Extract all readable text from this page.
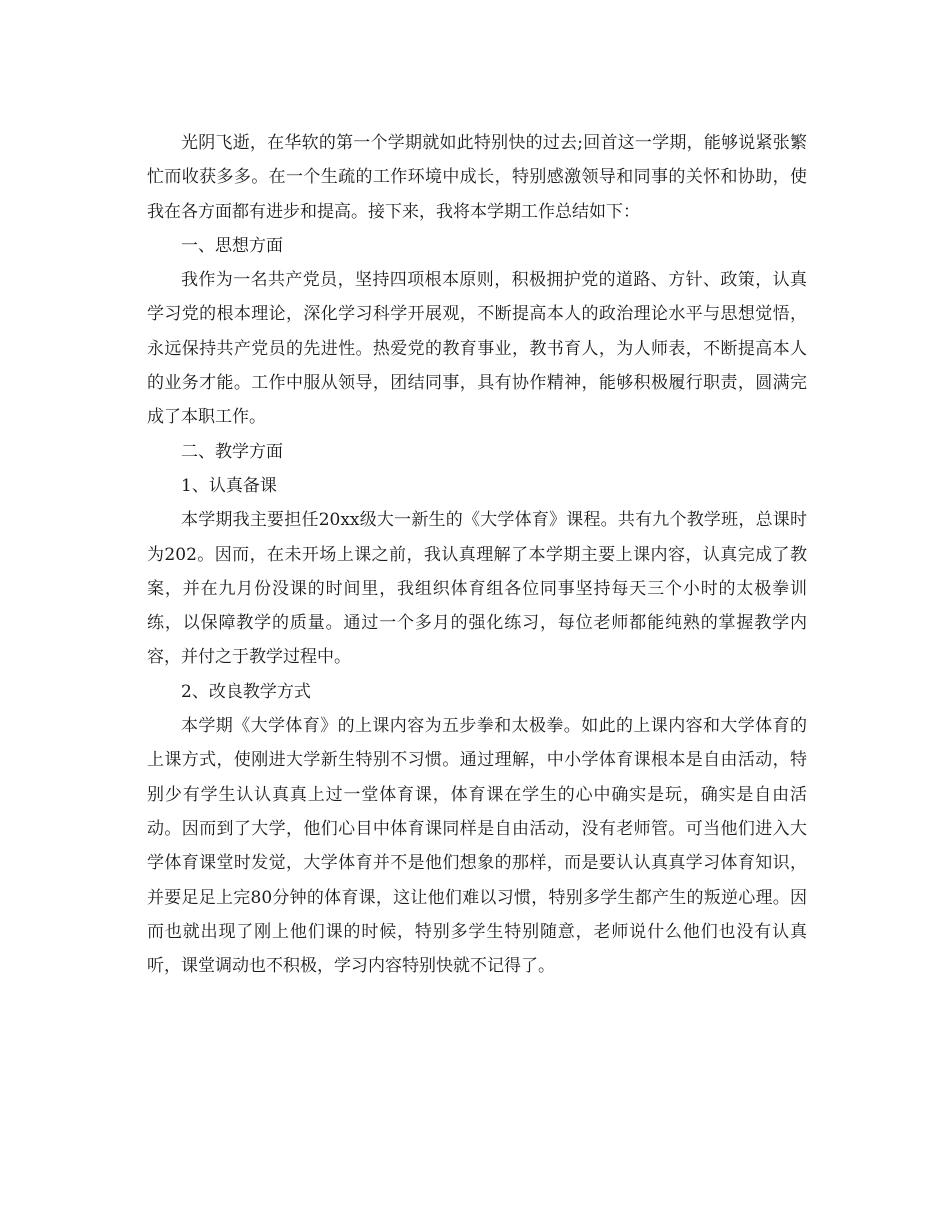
光阴飞逝，在华软的第一个学期就如此特别快的过去;回首这一学期，能够说紧张繁忙而收获多多。在一个生疏的工作环境中成长，特别感激领导和同事的关怀和协助，使我在各方面都有进步和提高。接下来，我将本学期工作总结如下：

一、思想方面

我作为一名共产党员，坚持四项根本原则，积极拥护党的道路、方针、政策，认真学习党的根本理论，深化学习科学开展观，不断提高本人的政治理论水平与思想觉悟，永远保持共产党员的先进性。热爱党的教育事业，教书育人，为人师表，不断提高本人的业务才能。工作中服从领导，团结同事，具有协作精神，能够积极履行职责，圆满完成了本职工作。

二、教学方面

1、认真备课

本学期我主要担任20xx级大一新生的《大学体育》课程。共有九个教学班，总课时为202。因而，在未开场上课之前，我认真理解了本学期主要上课内容，认真完成了教案，并在九月份没课的时间里，我组织体育组各位同事坚持每天三个小时的太极拳训练，以保障教学的质量。通过一个多月的强化练习，每位老师都能纯熟的掌握教学内容，并付之于教学过程中。

2、改良教学方式

本学期《大学体育》的上课内容为五步拳和太极拳。如此的上课内容和大学体育的上课方式，使刚进大学新生特别不习惯。通过理解，中小学体育课根本是自由活动，特别少有学生认认真真上过一堂体育课，体育课在学生的心中确实是玩，确实是自由活动。因而到了大学，他们心目中体育课同样是自由活动，没有老师管。可当他们进入大学体育课堂时发觉，大学体育并不是他们想象的那样，而是要认认真真学习体育知识，并要足足上完80分钟的体育课，这让他们难以习惯，特别多学生都产生的叛逆心理。因而也就出现了刚上他们课的时候，特别多学生特别随意，老师说什么他们也没有认真听，课堂调动也不积极，学习内容特别快就不记得了。
